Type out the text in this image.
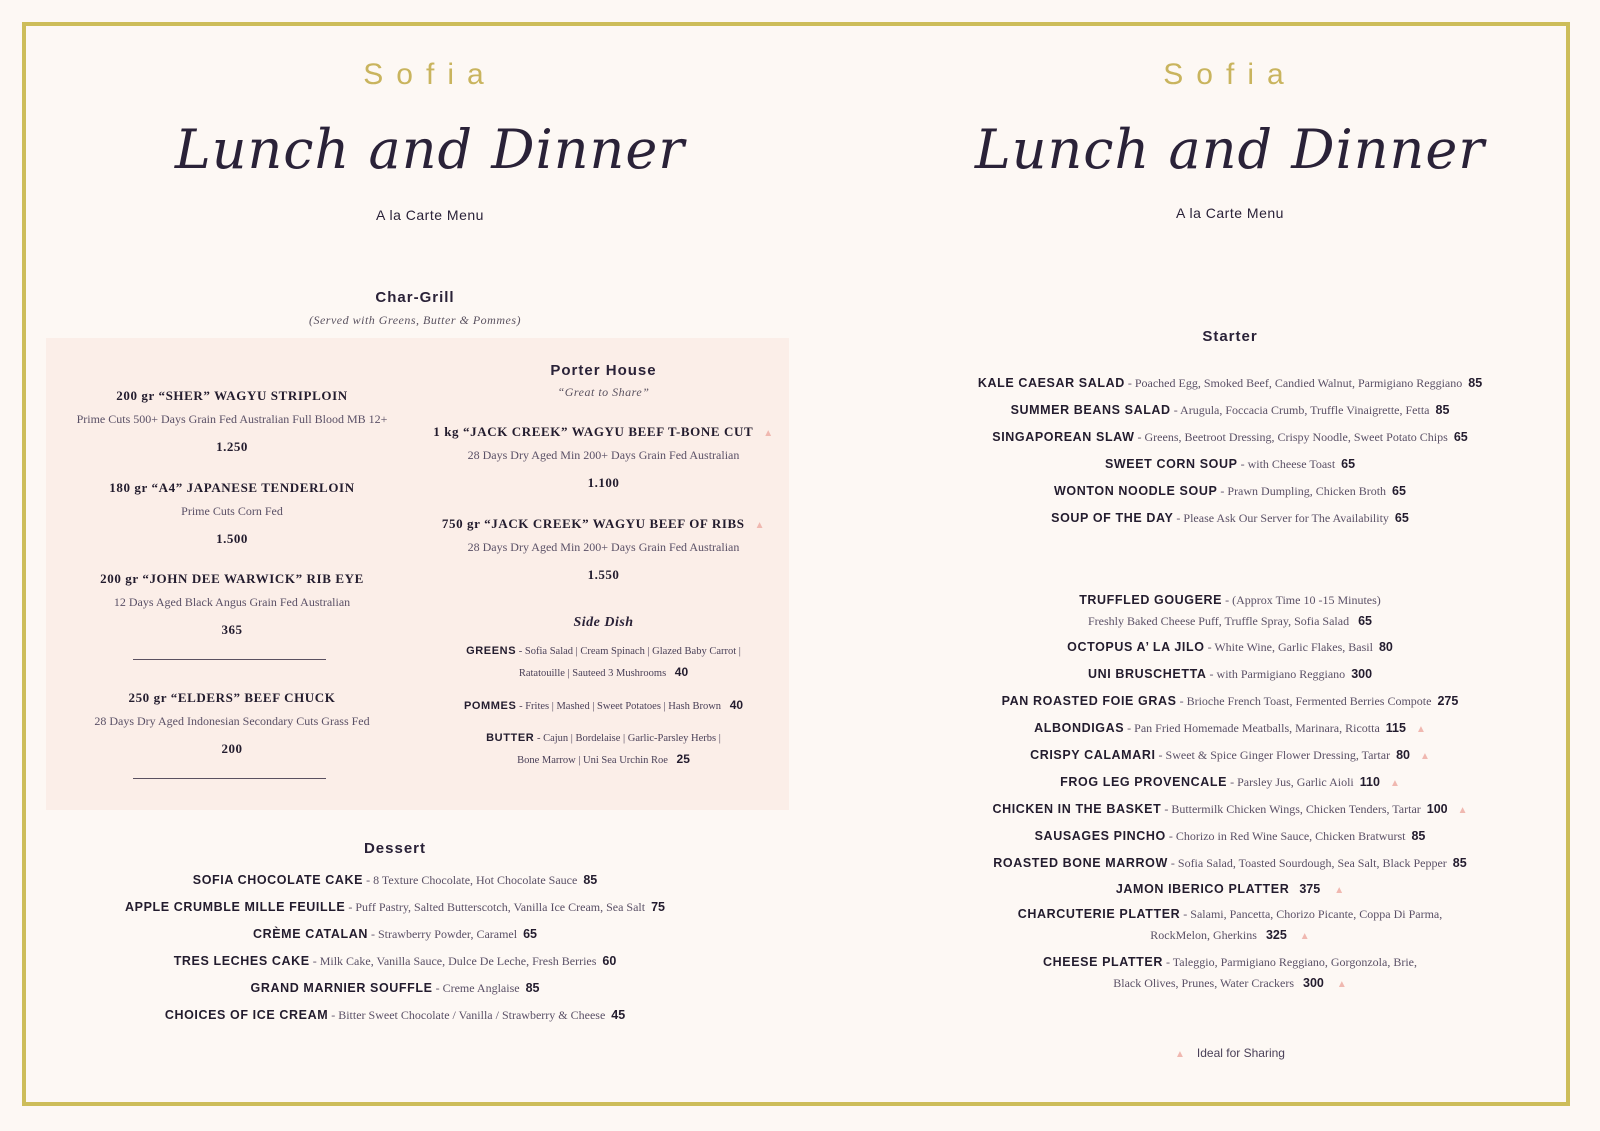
Sofia
Lunch and Dinner
A la Carte Menu
Char-Grill
(Served with Greens, Butter & Pommes)
200 gr “SHER” WAGYU STRIPLOIN
Prime Cuts 500+ Days Grain Fed Australian Full Blood MB 12+
1.250
180 gr “A4” JAPANESE TENDERLOIN
Prime Cuts Corn Fed
1.500
200 gr “JOHN DEE WARWICK” RIB EYE
12 Days Aged Black Angus Grain Fed Australian
365
250 gr “ELDERS” BEEF CHUCK
28 Days Dry Aged Indonesian Secondary Cuts Grass Fed
200
Porter House
“Great to Share”
1 kg “JACK CREEK” WAGYU BEEF T-BONE CUT ▲
28 Days Dry Aged Min 200+ Days Grain Fed Australian
1.100
750 gr “JACK CREEK” WAGYU BEEF OF RIBS ▲
28 Days Dry Aged Min 200+ Days Grain Fed Australian
1.550
Side Dish
GREENS - Sofia Salad | Cream Spinach | Glazed Baby Carrot |
Ratatouille | Sauteed 3 Mushrooms 40
POMMES - Frites | Mashed | Sweet Potatoes | Hash Brown 40
BUTTER - Cajun | Bordelaise | Garlic-Parsley Herbs |
Bone Marrow | Uni Sea Urchin Roe 25
Dessert
SOFIA CHOCOLATE CAKE - 8 Texture Chocolate, Hot Chocolate Sauce 85
APPLE CRUMBLE MILLE FEUILLE - Puff Pastry, Salted Butterscotch, Vanilla Ice Cream, Sea Salt 75
CRÈME CATALAN - Strawberry Powder, Caramel 65
TRES LECHES CAKE - Milk Cake, Vanilla Sauce, Dulce De Leche, Fresh Berries 60
GRAND MARNIER SOUFFLE - Creme Anglaise 85
CHOICES OF ICE CREAM - Bitter Sweet Chocolate / Vanilla / Strawberry & Cheese 45
Sofia
Lunch and Dinner
A la Carte Menu
Starter
KALE CAESAR SALAD - Poached Egg, Smoked Beef, Candied Walnut, Parmigiano Reggiano 85
SUMMER BEANS SALAD - Arugula, Foccacia Crumb, Truffle Vinaigrette, Fetta 85
SINGAPOREAN SLAW - Greens, Beetroot Dressing, Crispy Noodle, Sweet Potato Chips 65
SWEET CORN SOUP - with Cheese Toast 65
WONTON NOODLE SOUP - Prawn Dumpling, Chicken Broth 65
SOUP OF THE DAY - Please Ask Our Server for The Availability 65
TRUFFLED GOUGERE - (Approx Time 10 -15 Minutes)
Freshly Baked Cheese Puff, Truffle Spray, Sofia Salad 65
OCTOPUS A’ LA JILO - White Wine, Garlic Flakes, Basil 80
UNI BRUSCHETTA - with Parmigiano Reggiano 300
PAN ROASTED FOIE GRAS - Brioche French Toast, Fermented Berries Compote 275
ALBONDIGAS - Pan Fried Homemade Meatballs, Marinara, Ricotta 115 ▲
CRISPY CALAMARI - Sweet & Spice Ginger Flower Dressing, Tartar 80 ▲
FROG LEG PROVENCALE - Parsley Jus, Garlic Aioli 110 ▲
CHICKEN IN THE BASKET - Buttermilk Chicken Wings, Chicken Tenders, Tartar 100 ▲
SAUSAGES PINCHO - Chorizo in Red Wine Sauce, Chicken Bratwurst 85
ROASTED BONE MARROW - Sofia Salad, Toasted Sourdough, Sea Salt, Black Pepper 85
JAMON IBERICO PLATTER 375 ▲
CHARCUTERIE PLATTER - Salami, Pancetta, Chorizo Picante, Coppa Di Parma,
RockMelon, Gherkins 325 ▲
CHEESE PLATTER - Taleggio, Parmigiano Reggiano, Gorgonzola, Brie,
Black Olives, Prunes, Water Crackers 300 ▲
▲ Ideal for Sharing
